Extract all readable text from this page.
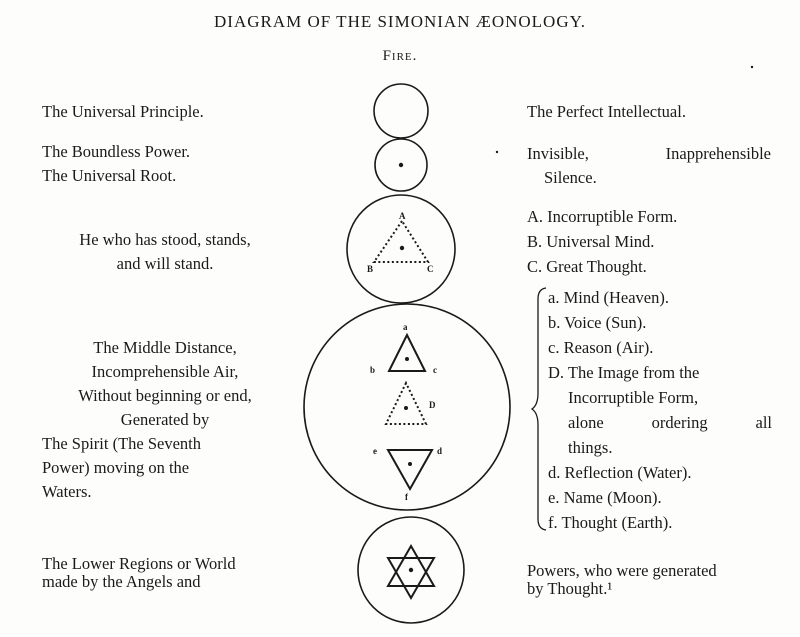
DIAGRAM OF THE SIMONIAN ÆONOLOGY.
Fire.
The Universal Principle.
The Boundless Power.
The Universal Root.
He who has stood, stands,
and will stand.
The Middle Distance,
Incomprehensible Air,
Without beginning or end,
Generated by
The Spirit (The Seventh
Power) moving on the
Waters.
The Lower Regions or World
made by the Angels and
The Perfect Intellectual.
Invisible,	Inapprehensible
Silence.
A. Incorruptible Form.
B. Universal Mind.
C. Great Thought.
a. Mind (Heaven).
b. Voice (Sun).
c. Reason (Air).
D. The Image from the
Incorruptible Form,
alone ordering all
things.
d. Reflection (Water).
e. Name (Moon).
f. Thought (Earth).
Powers, who were generated
by Thought.¹
A
B	C
a
b	c
D
d
e
f
